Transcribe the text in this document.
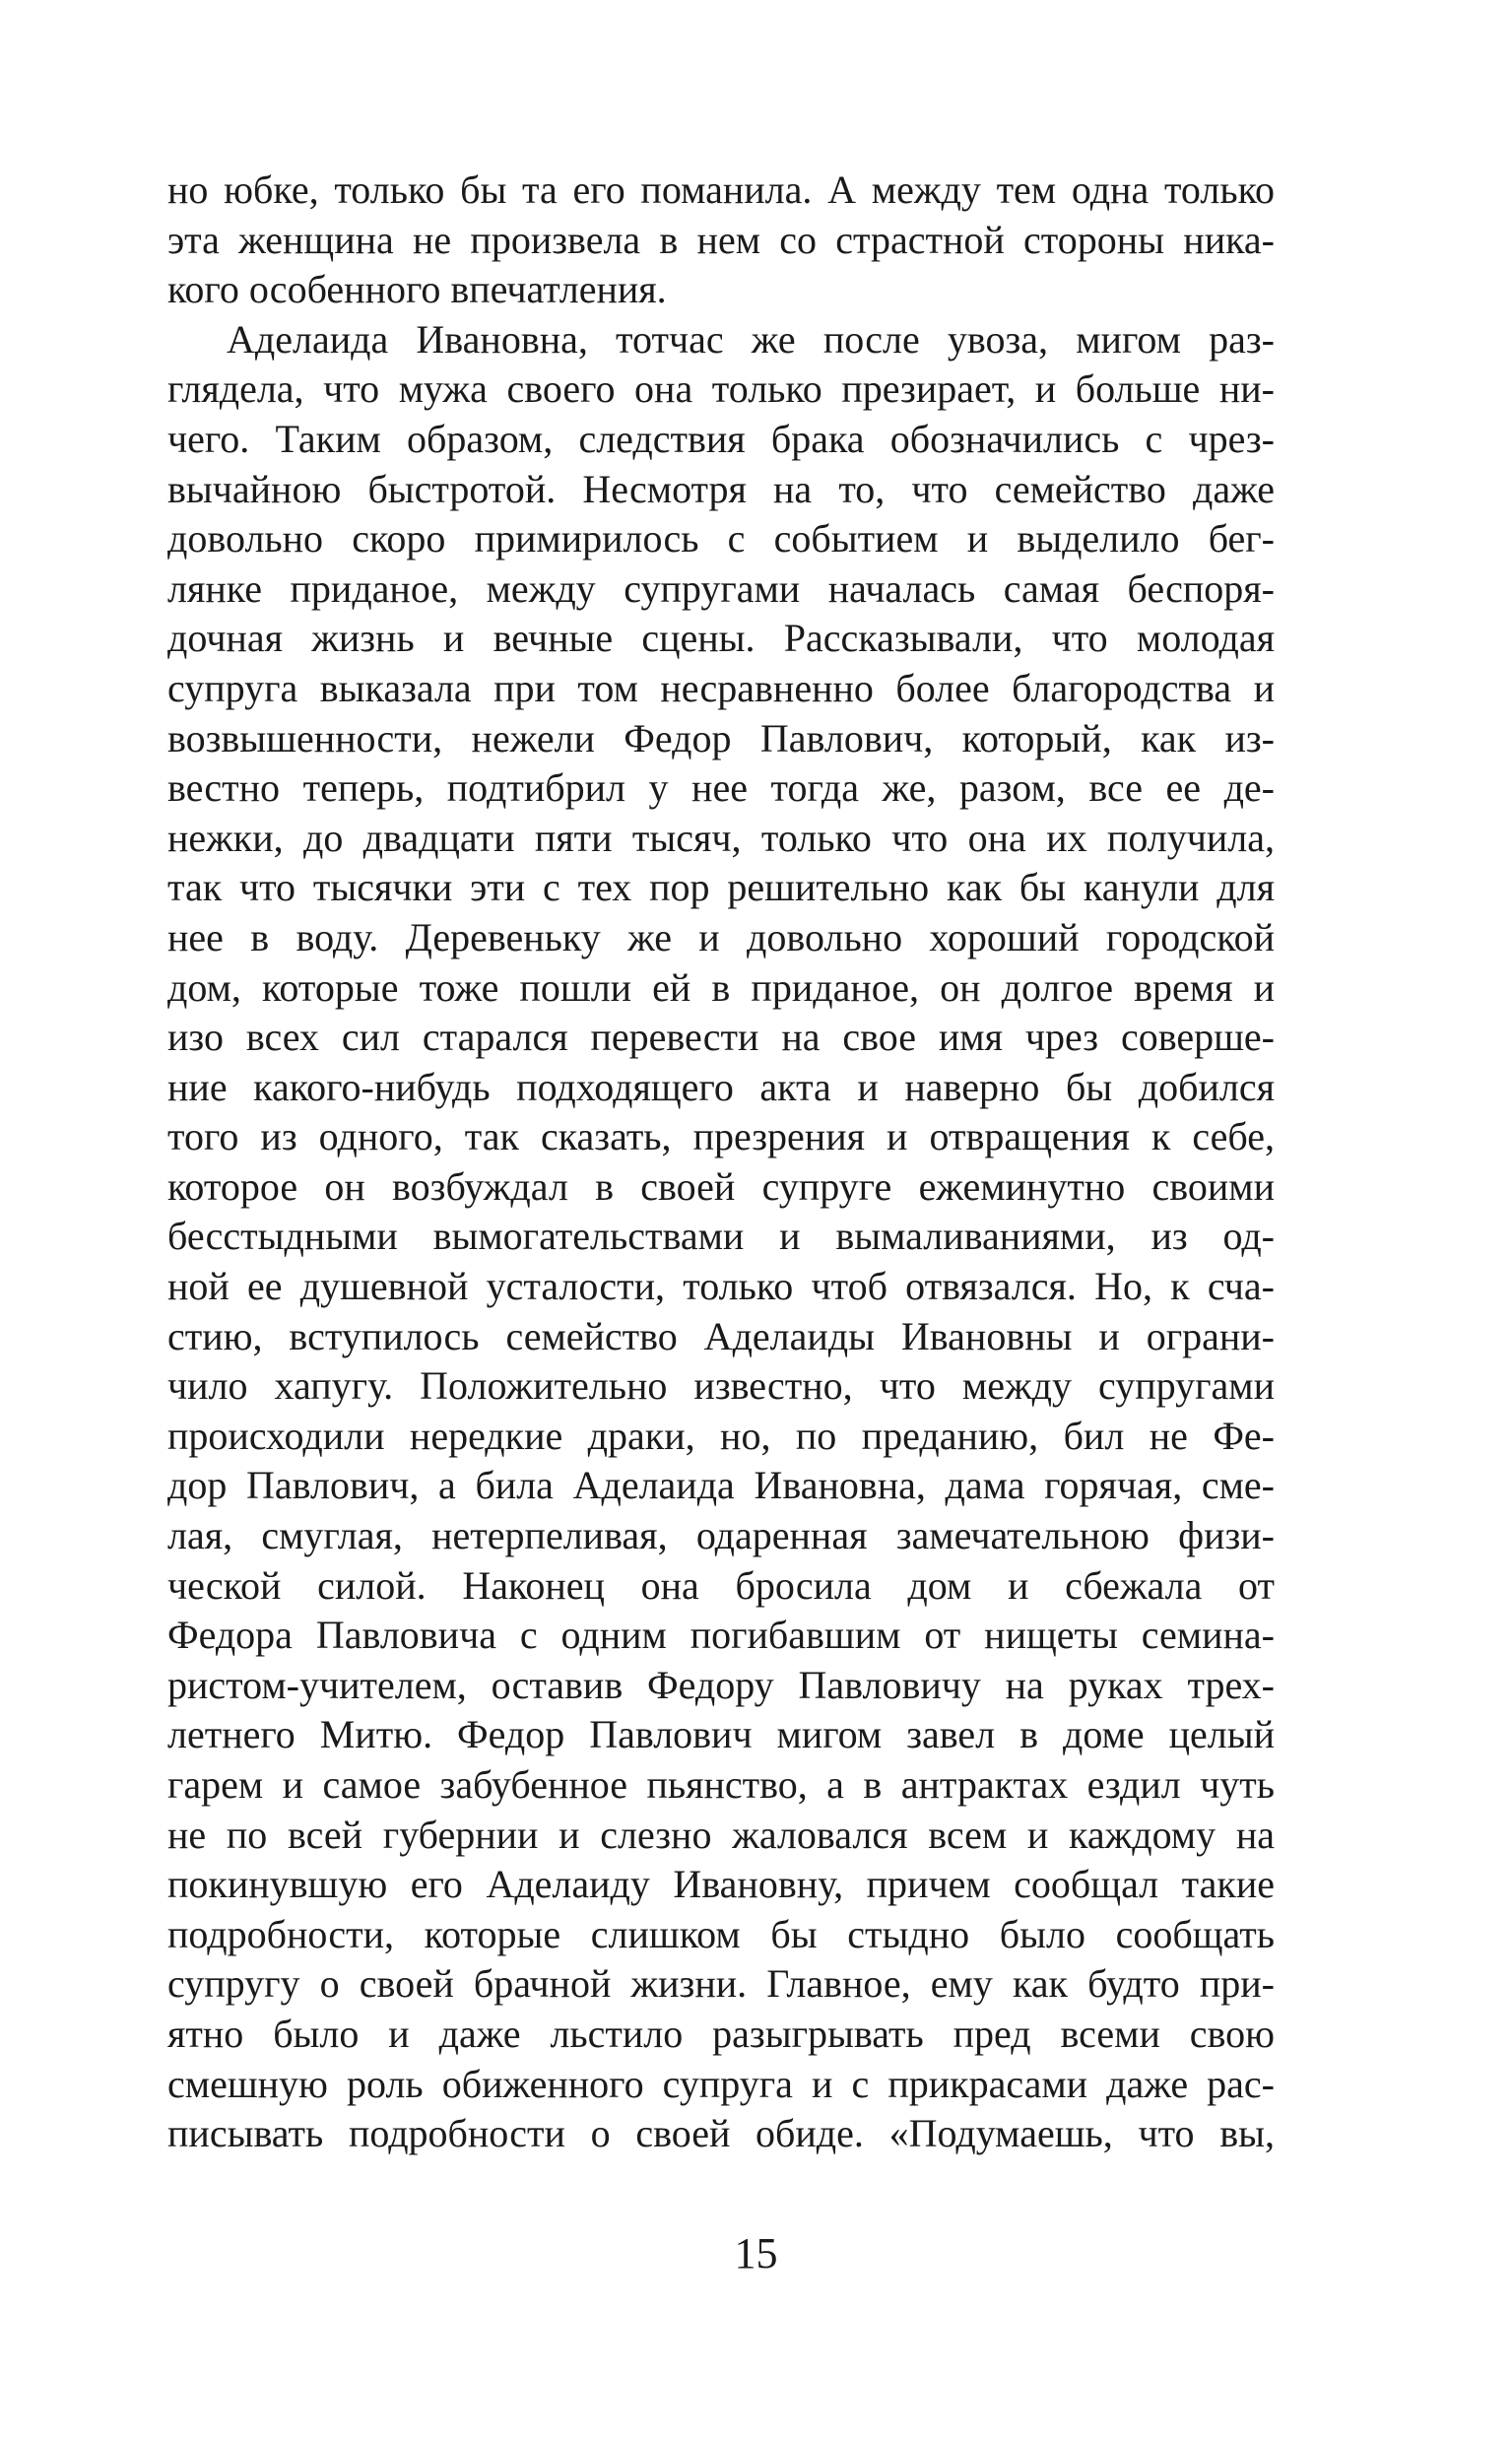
но юбке, только бы та его поманила. А между тем одна только
эта женщина не произвела в нем со страстной стороны ника-
кого особенного впечатления.
Аделаида Ивановна, тотчас же после увоза, мигом раз-
глядела, что мужа своего она только презирает, и больше ни-
чего. Таким образом, следствия брака обозначились с чрез-
вычайною быстротой. Несмотря на то, что семейство даже
довольно скоро примирилось с событием и выделило бег-
лянке приданое, между супругами началась самая беспоря-
дочная жизнь и вечные сцены. Рассказывали, что молодая
супруга выказала при том несравненно более благородства и
возвышенности, нежели Федор Павлович, который, как из-
вестно теперь, подтибрил у нее тогда же, разом, все ее де-
нежки, до двадцати пяти тысяч, только что она их получила,
так что тысячки эти с тех пор решительно как бы канули для
нее в воду. Деревеньку же и довольно хороший городской
дом, которые тоже пошли ей в приданое, он долгое время и
изо всех сил старался перевести на свое имя чрез соверше-
ние какого-нибудь подходящего акта и наверно бы добился
того из одного, так сказать, презрения и отвращения к себе,
которое он возбуждал в своей супруге ежеминутно своими
бесстыдными вымогательствами и вымаливаниями, из од-
ной ее душевной усталости, только чтоб отвязался. Но, к сча-
стию, вступилось семейство Аделаиды Ивановны и ограни-
чило хапугу. Положительно известно, что между супругами
происходили нередкие драки, но, по преданию, бил не Фе-
дор Павлович, а била Аделаида Ивановна, дама горячая, сме-
лая, смуглая, нетерпеливая, одаренная замечательною физи-
ческой силой. Наконец она бросила дом и сбежала от
Федора Павловича с одним погибавшим от нищеты семина-
ристом-учителем, оставив Федору Павловичу на руках трех-
летнего Митю. Федор Павлович мигом завел в доме целый
гарем и самое забубенное пьянство, а в антрактах ездил чуть
не по всей губернии и слезно жаловался всем и каждому на
покинувшую его Аделаиду Ивановну, причем сообщал такие
подробности, которые слишком бы стыдно было сообщать
супругу о своей брачной жизни. Главное, ему как будто при-
ятно было и даже льстило разыгрывать пред всеми свою
смешную роль обиженного супруга и с прикрасами даже рас-
писывать подробности о своей обиде. «Подумаешь, что вы,
15
